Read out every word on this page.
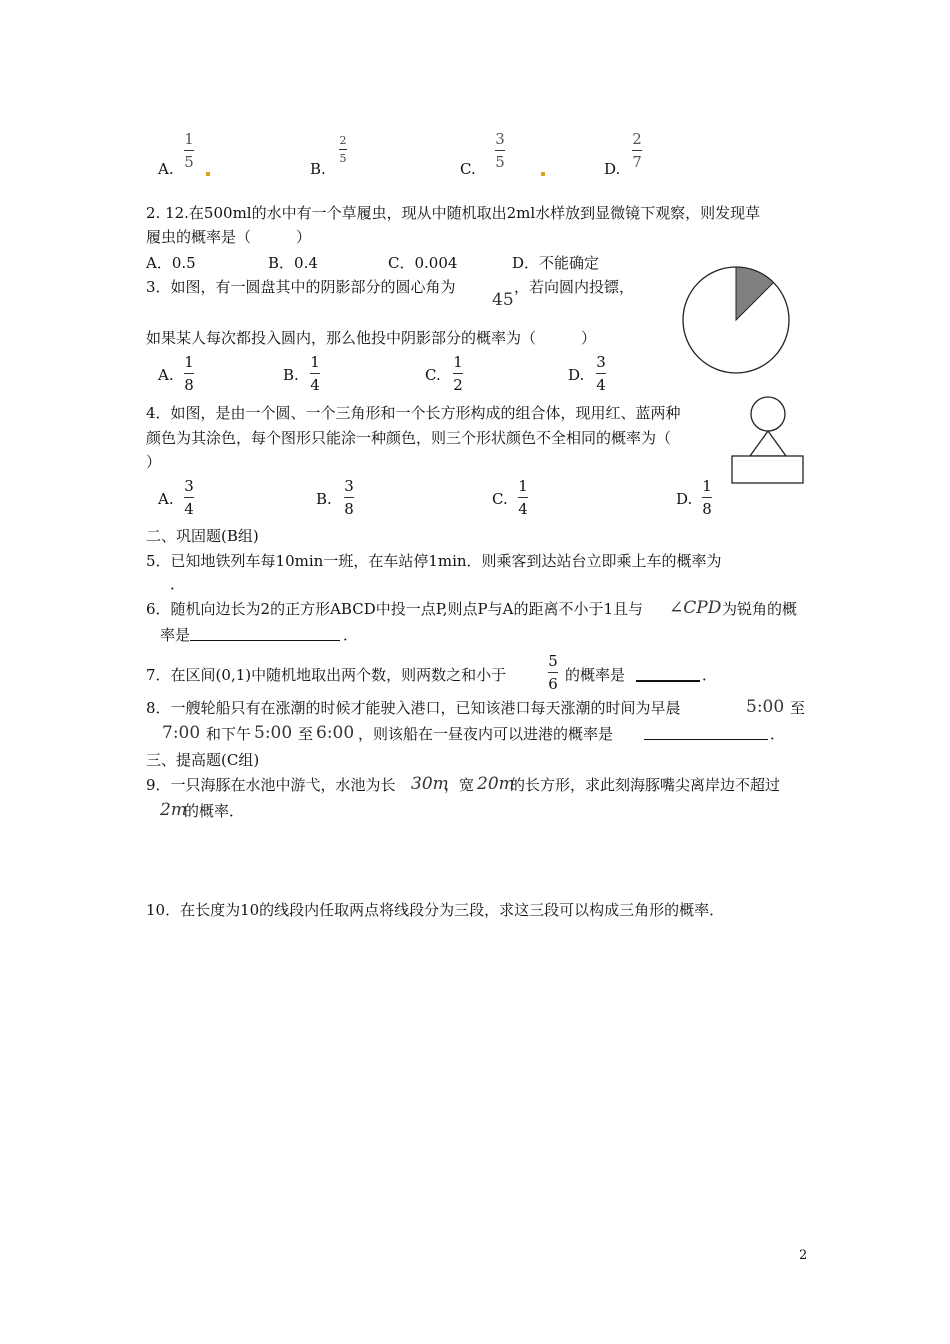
A.
1
5	B.
2
5
C.
3
5	D.
2
7
2. 12.在500ml的水中有一个草履虫，现从中随机取出2ml水样放到显微镜下观察，则发现草
履虫的概率是（　　　）
A．0.5	B．0.4	C．0.004	D．不能确定
3．如图，有一圆盘其中的阴影部分的圆心角为
45
，若向圆内投镖，
如果某人每次都投入圆内，那么他投中阴影部分的概率为（　　　）
A.
1
8
B.
1
4
C.
1
2
D.
3
4
4．如图，是由一个圆、一个三角形和一个长方形构成的组合体，现用红、蓝两种
颜色为其涂色，每个图形只能涂一种颜色，则三个形状颜色不全相同的概率为（
）
A.
3
4
B.
3
8
C.
1
4
D.
1
8
二、巩固题(B组)
5．已知地铁列车每10min一班，在车站停1min．则乘客到达站台立即乘上车的概率为
．
6．随机向边长为2的正方形ABCD中投一点P,则点P与A的距离不小于1且与 ∠CPD 为锐角的概
率是	．
7．在区间(0,1)中随机地取出两个数，则两数之和小于
5
6 的概率是	．
8．一艘轮船只有在涨潮的时候才能驶入港口，已知该港口每天涨潮的时间为早晨	5:00 至
7:00 和下午 5:00 至 6:00 ，则该船在一昼夜内可以进港的概率是	．
三、提高题(C组)
9．一只海豚在水池中游弋，水池为长 30m
，宽 20m
的长方形，求此刻海豚嘴尖离岸边不超过
2m
的概率．
10．在长度为10的线段内任取两点将线段分为三段，求这三段可以构成三角形的概率．
2
